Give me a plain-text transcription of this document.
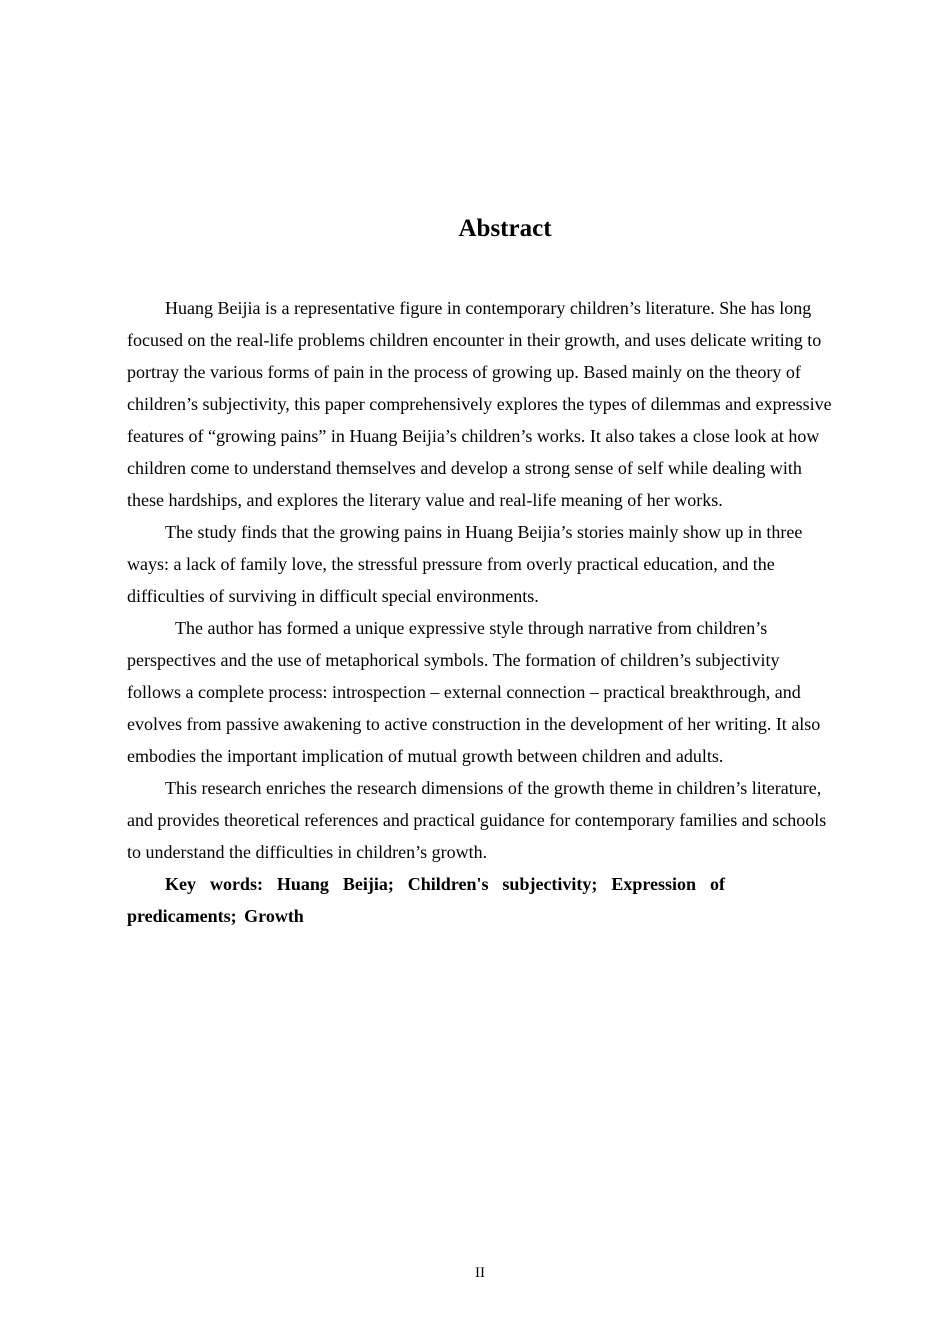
Abstract

Huang Beijia is a representative figure in contemporary children’s literature. She has long focused on the real-life problems children encounter in their growth, and uses delicate writing to portray the various forms of pain in the process of growing up. Based mainly on the theory of children’s subjectivity, this paper comprehensively explores the types of dilemmas and expressive features of “growing pains” in Huang Beijia’s children’s works. It also takes a close look at how children come to understand themselves and develop a strong sense of self while dealing with these hardships, and explores the literary value and real-life meaning of her works.

The study finds that the growing pains in Huang Beijia’s stories mainly show up in three ways: a lack of family love, the stressful pressure from overly practical education, and the difficulties of surviving in difficult special environments.

The author has formed a unique expressive style through narrative from children’s perspectives and the use of metaphorical symbols. The formation of children’s subjectivity follows a complete process: introspection – external connection – practical breakthrough, and evolves from passive awakening to active construction in the development of her writing. It also embodies the important implication of mutual growth between children and adults.

This research enriches the research dimensions of the growth theme in children’s literature, and provides theoretical references and practical guidance for contemporary families and schools to understand the difficulties in children’s growth.

Key words: Huang Beijia; Children's subjectivity; Expression of predicaments; Growth

II
